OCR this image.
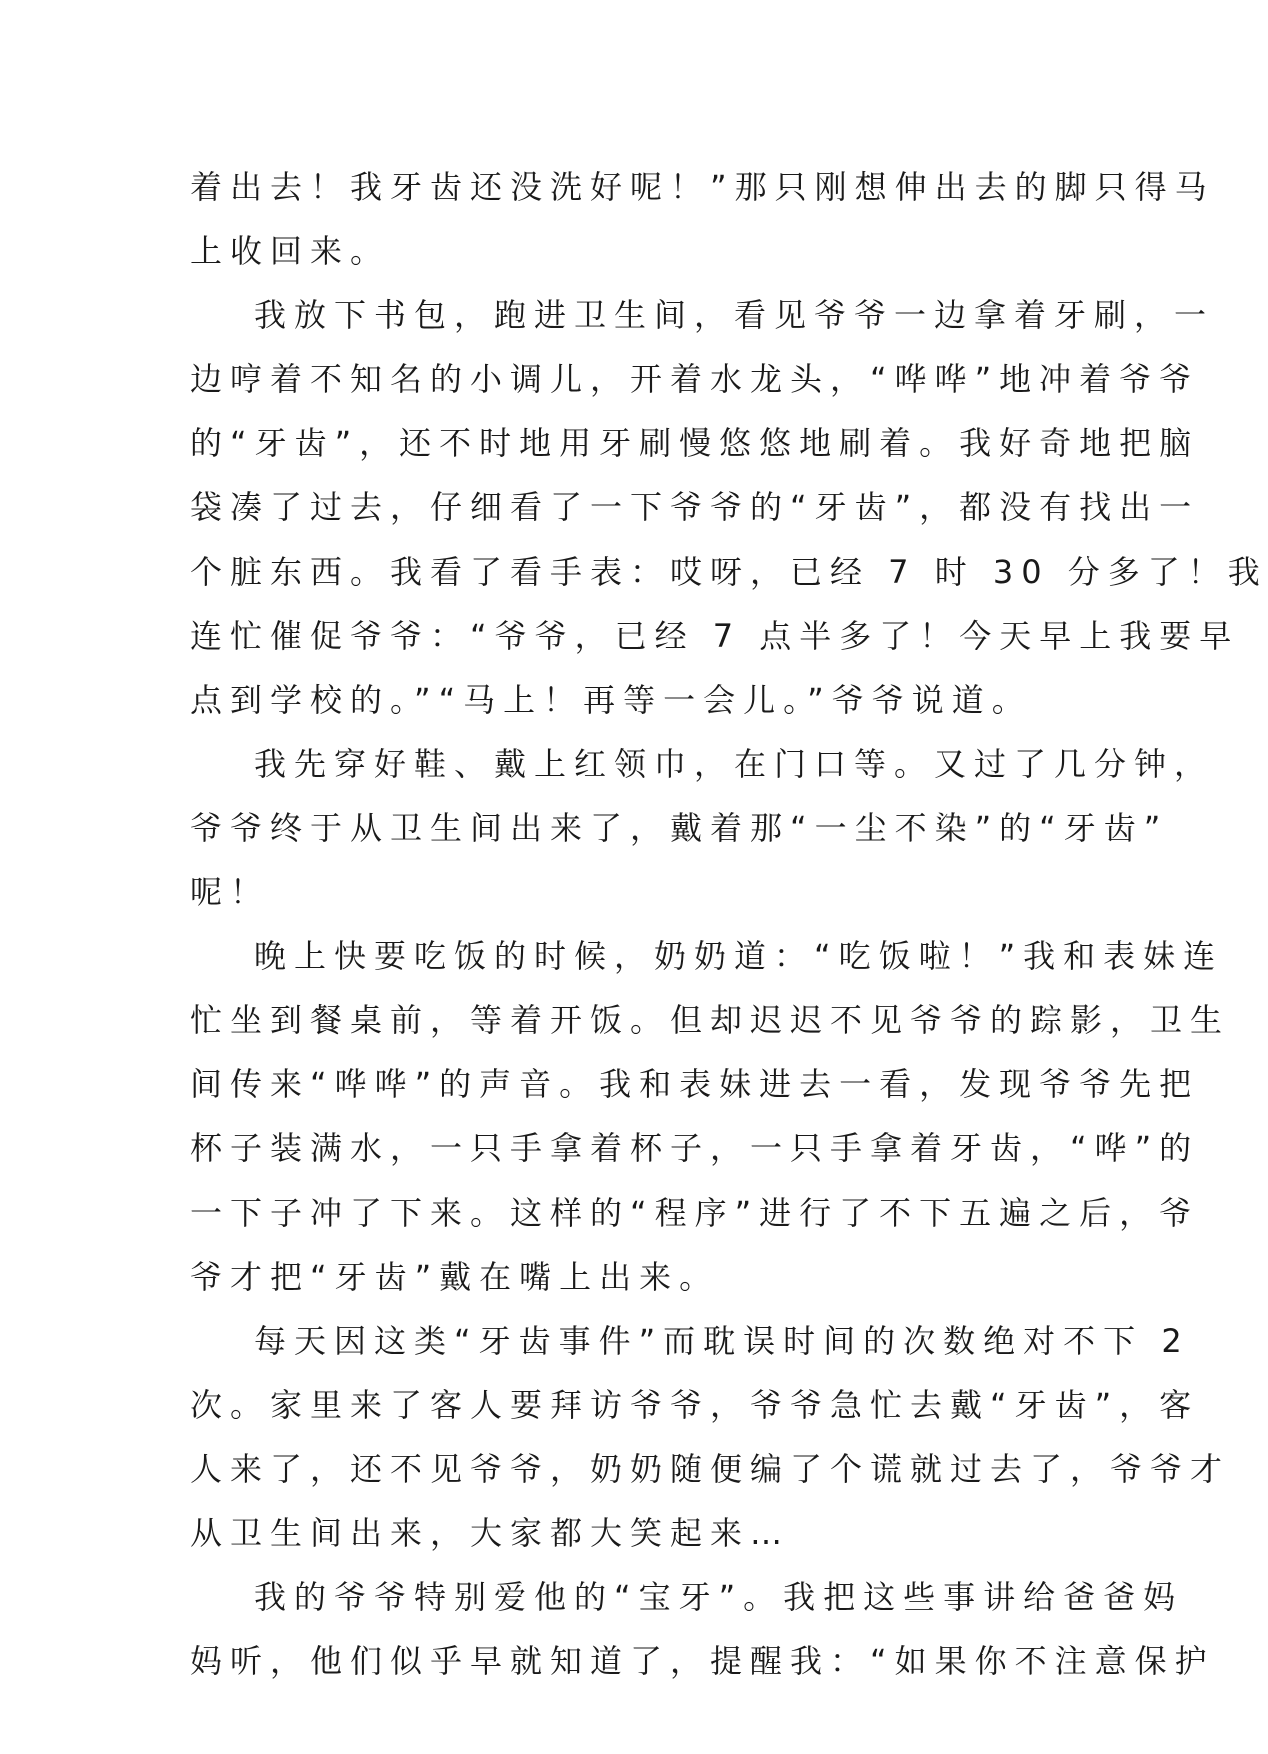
着出去！我牙齿还没洗好呢！”那只刚想伸出去的脚只得马
上收回来。
我放下书包，跑进卫生间，看见爷爷一边拿着牙刷，一
边哼着不知名的小调儿，开着水龙头，“哗哗”地冲着爷爷
的“牙齿”，还不时地用牙刷慢悠悠地刷着。我好奇地把脑
袋凑了过去，仔细看了一下爷爷的“牙齿”，都没有找出一
个脏东西。我看了看手表：哎呀，已经 7 时 30 分多了！我
连忙催促爷爷：“爷爷，已经 7 点半多了！今天早上我要早
点到学校的。”“马上！再等一会儿。”爷爷说道。
我先穿好鞋、戴上红领巾，在门口等。又过了几分钟，
爷爷终于从卫生间出来了，戴着那“一尘不染”的“牙齿”
呢！
晚上快要吃饭的时候，奶奶道：“吃饭啦！”我和表妹连
忙坐到餐桌前，等着开饭。但却迟迟不见爷爷的踪影，卫生
间传来“哗哗”的声音。我和表妹进去一看，发现爷爷先把
杯子装满水，一只手拿着杯子，一只手拿着牙齿，“哗”的
一下子冲了下来。这样的“程序”进行了不下五遍之后，爷
爷才把“牙齿”戴在嘴上出来。
每天因这类“牙齿事件”而耽误时间的次数绝对不下 2
次。家里来了客人要拜访爷爷，爷爷急忙去戴“牙齿”，客
人来了，还不见爷爷，奶奶随便编了个谎就过去了，爷爷才
从卫生间出来，大家都大笑起来…
我的爷爷特别爱他的“宝牙”。我把这些事讲给爸爸妈
妈听，他们似乎早就知道了，提醒我：“如果你不注意保护
